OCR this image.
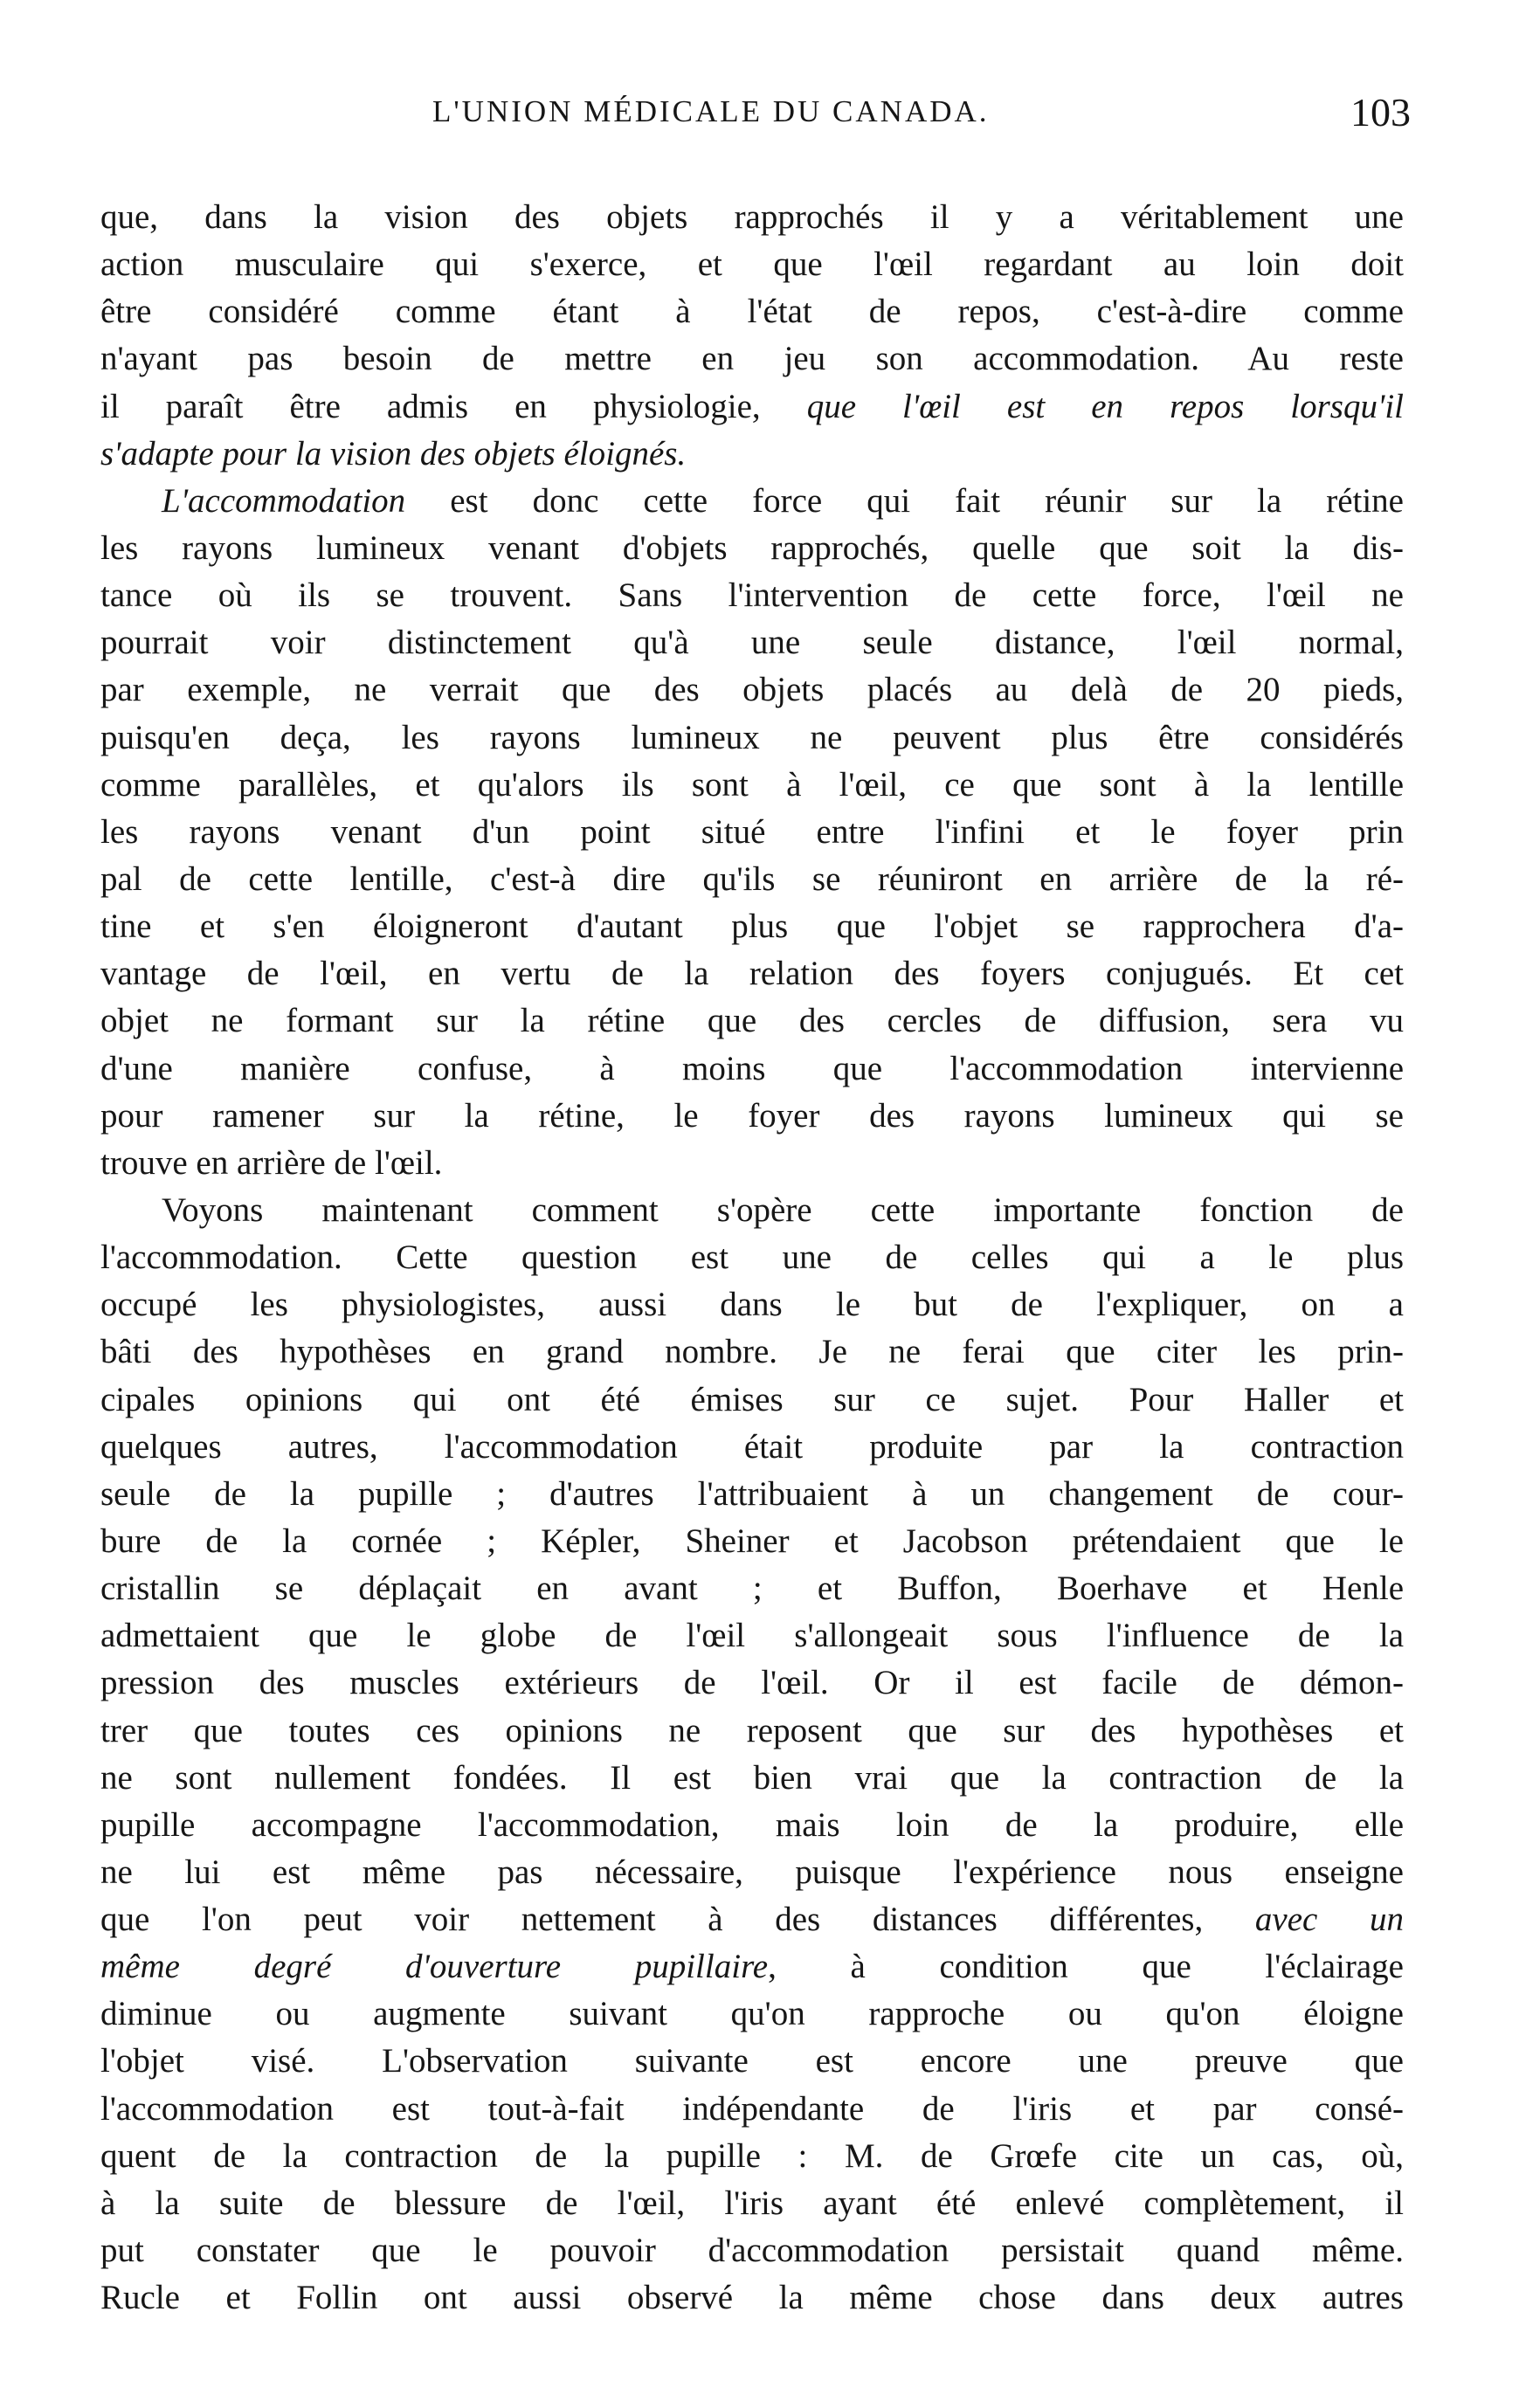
L'UNION MÉDICALE DU CANADA.	103
que, dans la vision des objets rapprochés il y a véritablement une
action musculaire qui s'exerce, et que l'œil regardant au loin doit
être considéré comme étant à l'état de repos, c'est-à-dire comme
n'ayant pas besoin de mettre en jeu son accommodation. Au reste
il paraît être admis en physiologie, que l'œil est en repos lorsqu'il
s'adapte pour la vision des objets éloignés.
L'accommodation est donc cette force qui fait réunir sur la rétine
les rayons lumineux venant d'objets rapprochés, quelle que soit la dis-
tance où ils se trouvent. Sans l'intervention de cette force, l'œil ne
pourrait voir distinctement qu'à une seule distance, l'œil normal,
par exemple, ne verrait que des objets placés au delà de 20 pieds,
puisqu'en deça, les rayons lumineux ne peuvent plus être considérés
comme parallèles, et qu'alors ils sont à l'œil, ce que sont à la lentille
les rayons venant d'un point situé entre l'infini et le foyer prin
pal de cette lentille, c'est-à dire qu'ils se réuniront en arrière de la ré-
tine et s'en éloigneront d'autant plus que l'objet se rapprochera d'a-
vantage de l'œil, en vertu de la relation des foyers conjugués. Et cet
objet ne formant sur la rétine que des cercles de diffusion, sera vu
d'une manière confuse, à moins que l'accommodation intervienne
pour ramener sur la rétine, le foyer des rayons lumineux qui se
trouve en arrière de l'œil.
Voyons maintenant comment s'opère cette importante fonction de
l'accommodation. Cette question est une de celles qui a le plus
occupé les physiologistes, aussi dans le but de l'expliquer, on a
bâti des hypothèses en grand nombre. Je ne ferai que citer les prin-
cipales opinions qui ont été émises sur ce sujet. Pour Haller et
quelques autres, l'accommodation était produite par la contraction
seule de la pupille ; d'autres l'attribuaient à un changement de cour-
bure de la cornée ; Képler, Sheiner et Jacobson prétendaient que le
cristallin se déplaçait en avant ; et Buffon, Boerhave et Henle
admettaient que le globe de l'œil s'allongeait sous l'influence de la
pression des muscles extérieurs de l'œil. Or il est facile de démon-
trer que toutes ces opinions ne reposent que sur des hypothèses et
ne sont nullement fondées. Il est bien vrai que la contraction de la
pupille accompagne l'accommodation, mais loin de la produire, elle
ne lui est même pas nécessaire, puisque l'expérience nous enseigne
que l'on peut voir nettement à des distances différentes, avec un
même degré d'ouverture pupillaire, à condition que l'éclairage
diminue ou augmente suivant qu'on rapproche ou qu'on éloigne
l'objet visé. L'observation suivante est encore une preuve que
l'accommodation est tout-à-fait indépendante de l'iris et par consé-
quent de la contraction de la pupille : M. de Grœfe cite un cas, où,
à la suite de blessure de l'œil, l'iris ayant été enlevé complètement, il
put constater que le pouvoir d'accommodation persistait quand même.
Rucle et Follin ont aussi observé la même chose dans deux autres
